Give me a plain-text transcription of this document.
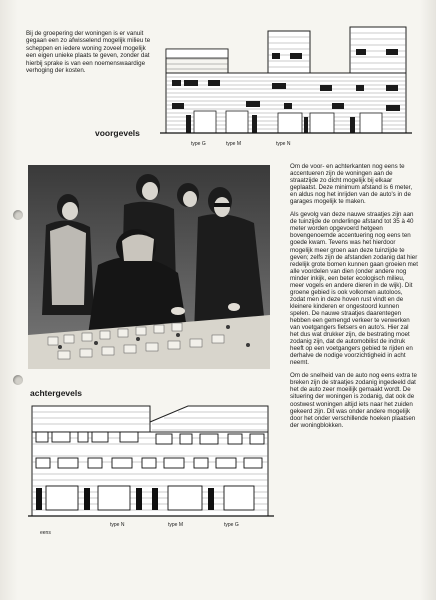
Bij de groepering der woningen is er vanuit gegaan een zo afwisselend mogelijk milieu te scheppen en iedere woning zoveel mogelijk een eigen unieke plaats te geven, zonder dat hierbij sprake is van een noemenswaardige verhoging der kosten.

type G	type M	type N

voorgevels

Om de voor- en achterkanten nog eens te accentueren zijn de woningen aan de straatzijde zo dicht mogelijk bij elkaar geplaatst. Deze minimum afstand is 6 meter, en aldus nog het inrijden van de auto's in de garages mogelijk te maken.

Als gevolg van deze nauwe straatjes zijn aan de tuinzijde de onderlinge afstand tot 35 à 40 meter worden opgevoerd hetgeen bovengenoemde accentuering nog eens ten goede kwam. Tevens was het hierdoor mogelijk meer groen aan deze tuinzijde te geven; zelfs zijn de afstanden zodanig dat hier redelijk grote bomen kunnen gaan groeien met alle voordelen van dien (onder andere nog minder inkijk, een beter ecologisch milieu, meer vogels en andere dieren in de wijk). Dit groene gebied is ook volkomen autoloos, zodat men in deze hoven rust vindt en de kleinere kinderen er ongestoord kunnen spelen. De nauwe straatjes daarentegen hebben een gemengd verkeer te verwerken van voetgangers fietsers en auto's. Hier zal het dus wat drukker zijn, de bestrating moet zodanig zijn, dat de automobilist de indruk heeft op een voetgangers gebied te rijden en derhalve de nodige voorzichtigheid in acht neemt.

Om de snelheid van de auto nog eens extra te breken zijn de straatjes zodanig ingedeeld dat het de auto zeer moeilijk gemaakt wordt. De situering der woningen is zodanig, dat ook de oostwest woningen altijd iets naar het zuiden gekeerd zijn. Dit was onder andere mogelijk door het onder verschillende hoeken plaatsen der woningblokken.

achtergevels

eens
type N	type M	type G
